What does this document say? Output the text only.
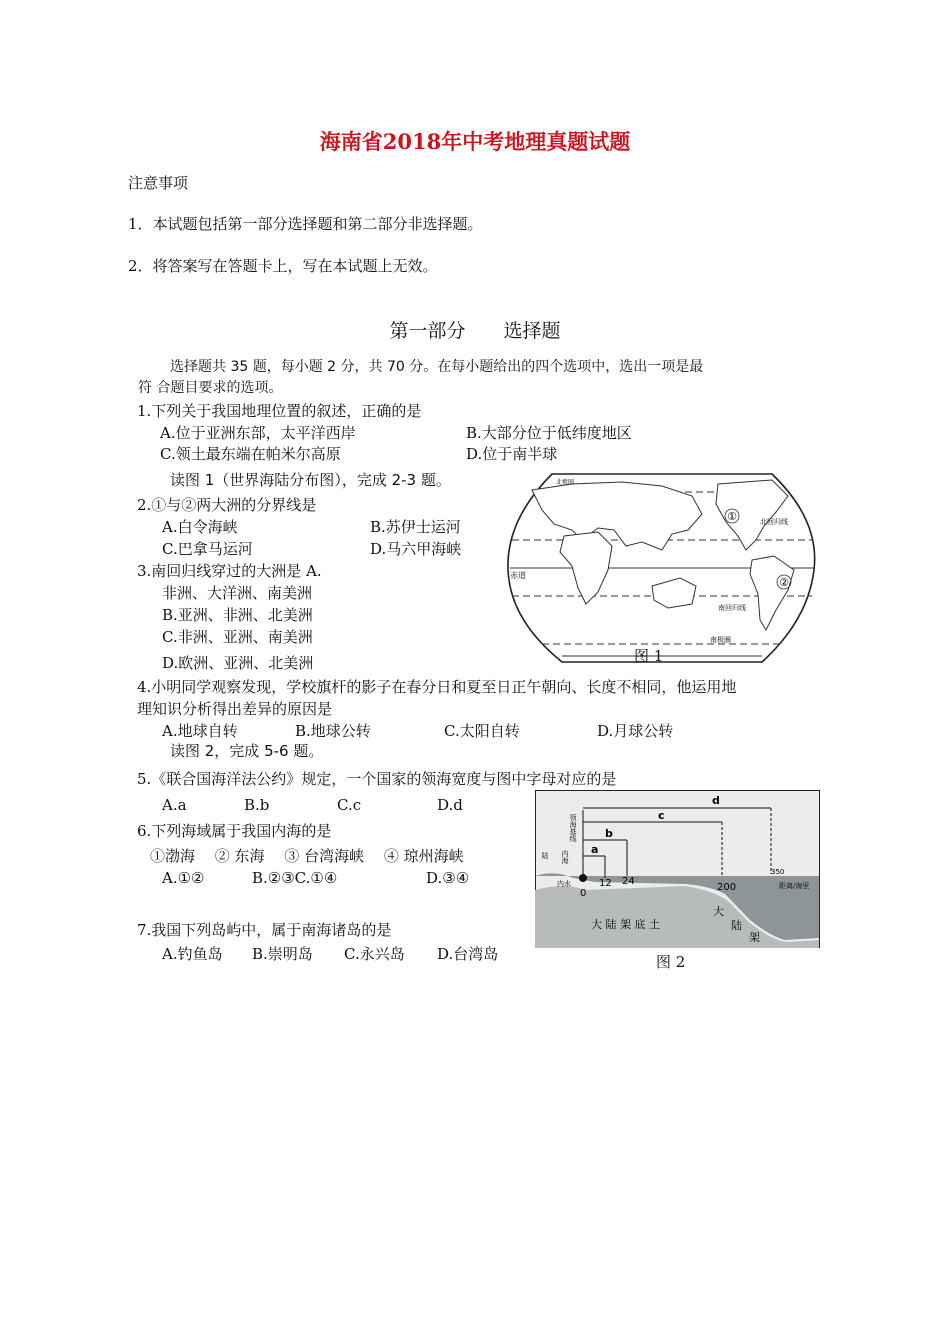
海南省2018年中考地理真题试题
注意事项
1．本试题包括第一部分选择题和第二部分非选择题。
2．将答案写在答题卡上，写在本试题上无效。
第一部分　　选择题
选择题共 35 题，每小题 2 分，共 70 分。在每小题给出的四个选项中，选出一项是最
符 合题目要求的选项。
1.下列关于我国地理位置的叙述，正确的是
A.位于亚洲东部，太平洋西岸	B.大部分位于低纬度地区
C.领土最东端在帕米尔高原	D.位于南半球
读图 1（世界海陆分布图），完成 2-3 题。
2.①与②两大洲的分界线是
A.白令海峡	B.苏伊士运河
C.巴拿马运河	D.马六甲海峡
3.南回归线穿过的大洲是 A.
非洲、大洋洲、南美洲
B.亚洲、非洲、北美洲
C.非洲、亚洲、南美洲
D.欧洲、亚洲、北美洲
①
②
北回归线
赤道
南回归线
南极圈
北极圈
图 1
4.小明同学观察发现，学校旗杆的影子在春分日和夏至日正午朝向、长度不相同，他运用地
理知识分析得出差异的原因是
A.地球自转	B.地球公转	C.太阳自转	D.月球公转
读图 2，完成 5-6 题。
5.《联合国海洋法公约》规定，一个国家的领海宽度与图中字母对应的是
A.a	B.b	C.c	D.d
6.下列海域属于我国内海的是
①渤海　 ② 东海　 ③ 台湾海峡　 ④ 琼州海峡
A.①②	B.②③C.①④	D.③④
7.我国下列岛屿中，属于南海诸岛的是
A.钓鱼岛 B.崇明岛 C.永兴岛 D.台湾岛
d
c
b
a
350
200
24
12
0
距离/海里
领海基线
内海
陆
内水
大 陆 架 底 土
大
陆
架
图 2
